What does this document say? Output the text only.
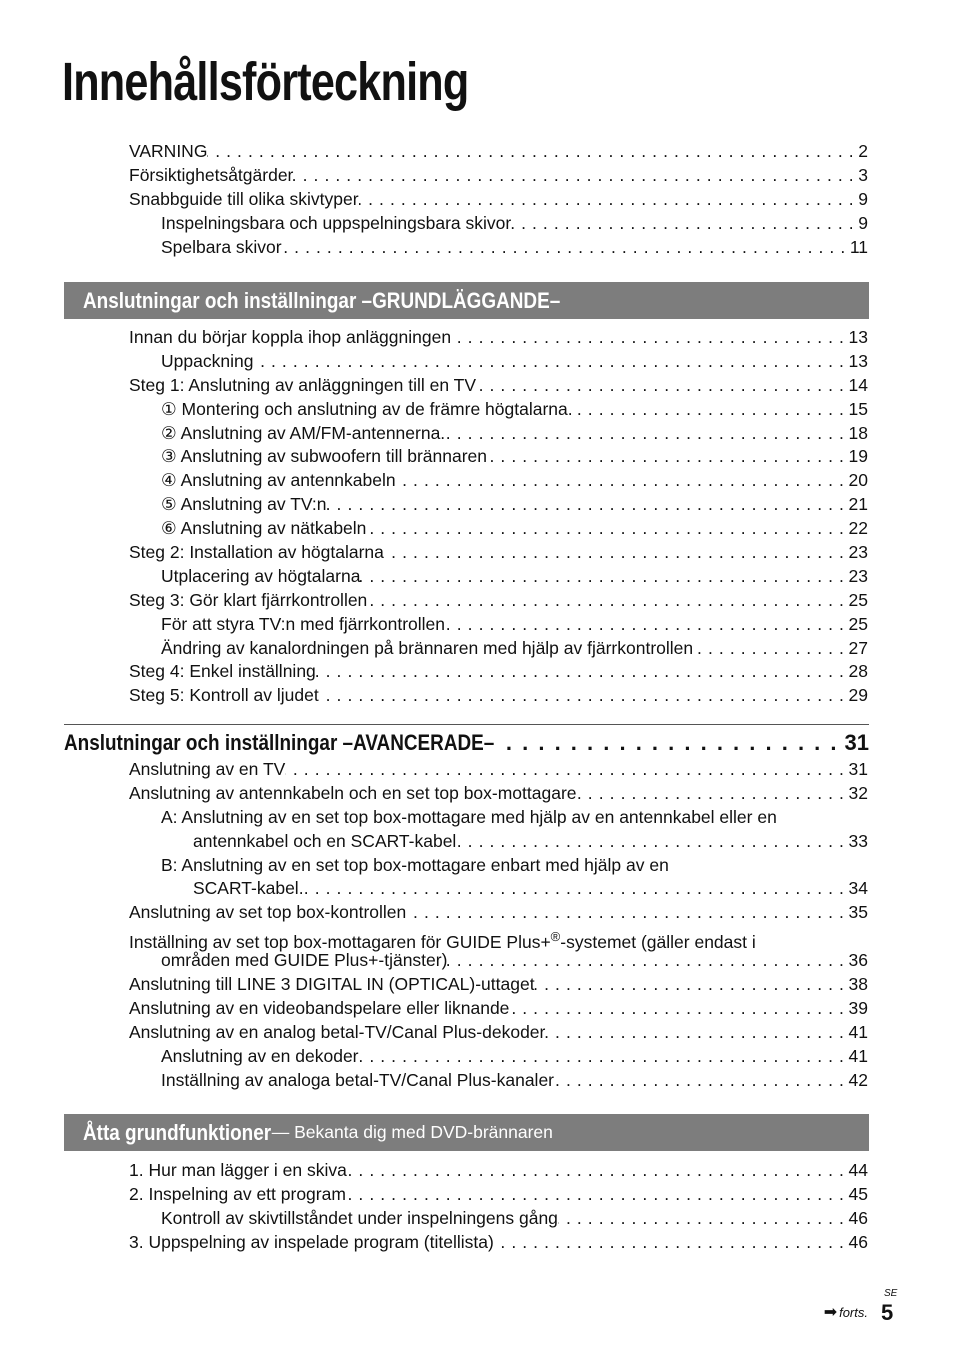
Innehållsförteckning
VARNING . . .	2
Försiktighetsåtgärder . . .	3
Snabbguide till olika skivtyper . . .	9
Inspelningsbara och uppspelningsbara skivor. . . .	9
Spelbara skivor . . .	11
Anslutningar och inställningar –GRUNDLÄGGANDE–
Innan du börjar koppla ihop anläggningen . . .	13
Uppackning . . .	13
Steg 1: Anslutning av anläggningen till en TV . . .	14
① Montering och anslutning av de främre högtalarna. . . .	15
② Anslutning av AM/FM-antennerna. . . .	18
③ Anslutning av subwoofern till brännaren . . .	19
④ Anslutning av antennkabeln . . .	20
⑤ Anslutning av TV:n . . .	21
⑥ Anslutning av nätkabeln . . .	22
Steg 2: Installation av högtalarna . . .	23
Utplacering av högtalarna . . .	23
Steg 3: Gör klart fjärrkontrollen . . .	25
För att styra TV:n med fjärrkontrollen . . .	25
Ändring av kanalordningen på brännaren med hjälp av fjärrkontrollen . . .	27
Steg 4: Enkel inställning . . .	28
Steg 5: Kontroll av ljudet . . .	29
Anslutningar och inställningar –AVANCERADE– . . .	31
Anslutning av en TV . . .	31
Anslutning av antennkabeln och en set top box-mottagare . . .	32
A: Anslutning av en set top box-mottagare med hjälp av en antennkabel eller en
antennkabel och en SCART-kabel . . .	33
B: Anslutning av en set top box-mottagare enbart med hjälp av en
SCART-kabel. . . .	34
Anslutning av set top box-kontrollen . . .	35
Inställning av set top box-mottagaren för GUIDE Plus+®-systemet (gäller endast i
områden med GUIDE Plus+-tjänster) . . .	36
Anslutning till LINE 3 DIGITAL IN (OPTICAL)-uttaget . . .	38
Anslutning av en videobandspelare eller liknande . . .	39
Anslutning av en analog betal-TV/Canal Plus-dekoder . . .	41
Anslutning av en dekoder . . .	41
Inställning av analoga betal-TV/Canal Plus-kanaler . . .	42
Åtta grundfunktioner — Bekanta dig med DVD-brännaren
1. Hur man lägger i en skiva . . .	44
2. Inspelning av ett program . . .	45
Kontroll av skivtillståndet under inspelningens gång . . .	46
3. Uppspelning av inspelade program (titellista) . . .	46
➡ forts.
SE
5
